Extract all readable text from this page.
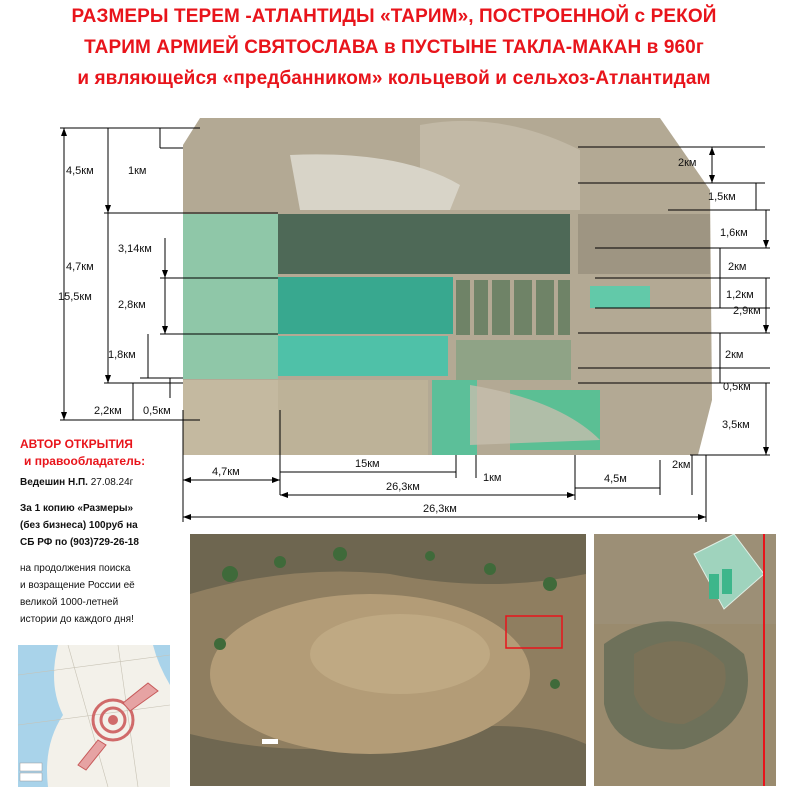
РАЗМЕРЫ ТЕРЕМ -АТЛАНТИДЫ «ТАРИМ», ПОСТРОЕННОЙ с РЕКОЙ
ТАРИМ АРМИЕЙ СВЯТОСЛАВА в ПУСТЫНЕ ТАКЛА-МАКАН в 960г
и являющейся «предбанником» кольцевой и сельхоз-Атлантидам
4,5км	1км
4,7км
3,14км
15,5км
2,8км
1,8км
2,2км 0,5км
2км
1,5км
1,6км
2км
1,2км
2,9км
2км
0,5км
3,5км
4,7км
15км
1км
26,3км
4,5м
2км
26,3км
АВТОР ОТКРЫТИЯ
и правообладатель:
Ведешин Н.П. 27.08.24г
За 1 копию «Размеры»
(без бизнеса) 100руб на
СБ РФ по (903)729-26-18
на продолжения поиска
и возращение России её
великой 1000-летней
истории до каждого дня!
